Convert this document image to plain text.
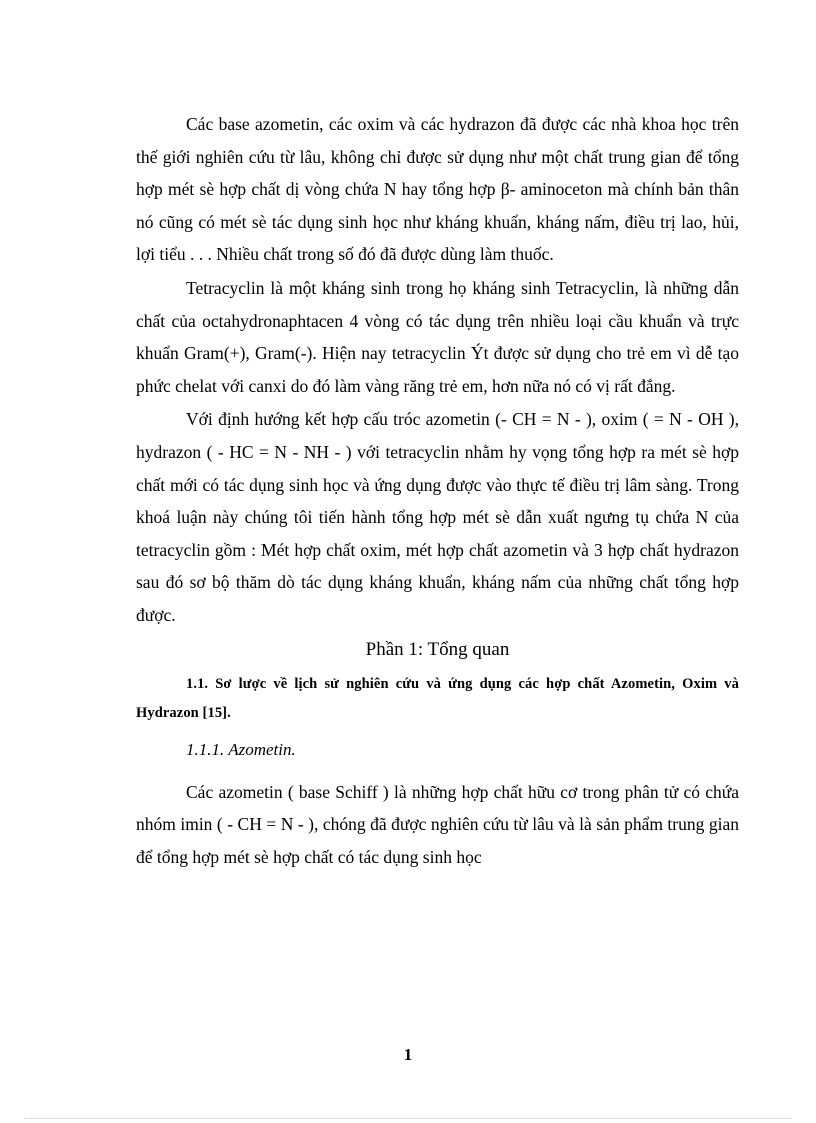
Các base azometin, các oxim và các hydrazon đã được các nhà khoa học trên thế giới nghiên cứu từ lâu, không chỉ được sử dụng như một chất trung gian để tổng hợp mét sè hợp chất dị vòng chứa N hay tổng hợp β- aminoceton mà chính bản thân nó cũng có mét sè tác dụng sinh học như kháng khuẩn, kháng nấm, điều trị lao, hủi, lợi tiểu . . . Nhiều chất trong số đó đã được dùng làm thuốc.

Tetracyclin là một kháng sinh trong họ kháng sinh Tetracyclin, là những dẫn chất của octahydronaphtacen 4 vòng có tác dụng trên nhiều loại cầu khuẩn và trực khuẩn Gram(+), Gram(-). Hiện nay tetracyclin Ýt được sử dụng cho trẻ em vì dễ tạo phức chelat với canxi do đó làm vàng răng trẻ em, hơn nữa nó có vị rất đắng.

Với định hướng kết hợp cấu tróc azometin (- CH = N - ), oxim ( = N - OH ), hydrazon ( - HC = N - NH - ) với tetracyclin nhằm hy vọng tổng hợp ra mét sè hợp chất mới có tác dụng sinh học và ứng dụng được vào thực tế điều trị lâm sàng. Trong khoá luận này chúng tôi tiến hành tổng hợp mét sè dẫn xuất ngưng tụ chứa N của tetracyclin gồm : Mét hợp chất oxim, mét hợp chất azometin và 3 hợp chất hydrazon sau đó sơ bộ thăm dò tác dụng kháng khuẩn, kháng nấm của những chất tổng hợp được.

Phần 1: Tổng quan

1.1. Sơ lược về lịch sử nghiên cứu và ứng dụng các hợp chất Azometin, Oxim và Hydrazon [15].

1.1.1. Azometin.

Các azometin ( base Schiff ) là những hợp chất hữu cơ trong phân tử có chứa nhóm imin ( - CH = N - ), chóng đã được nghiên cứu từ lâu và là sản phẩm trung gian để tổng hợp mét sè hợp chất có tác dụng sinh học

1
